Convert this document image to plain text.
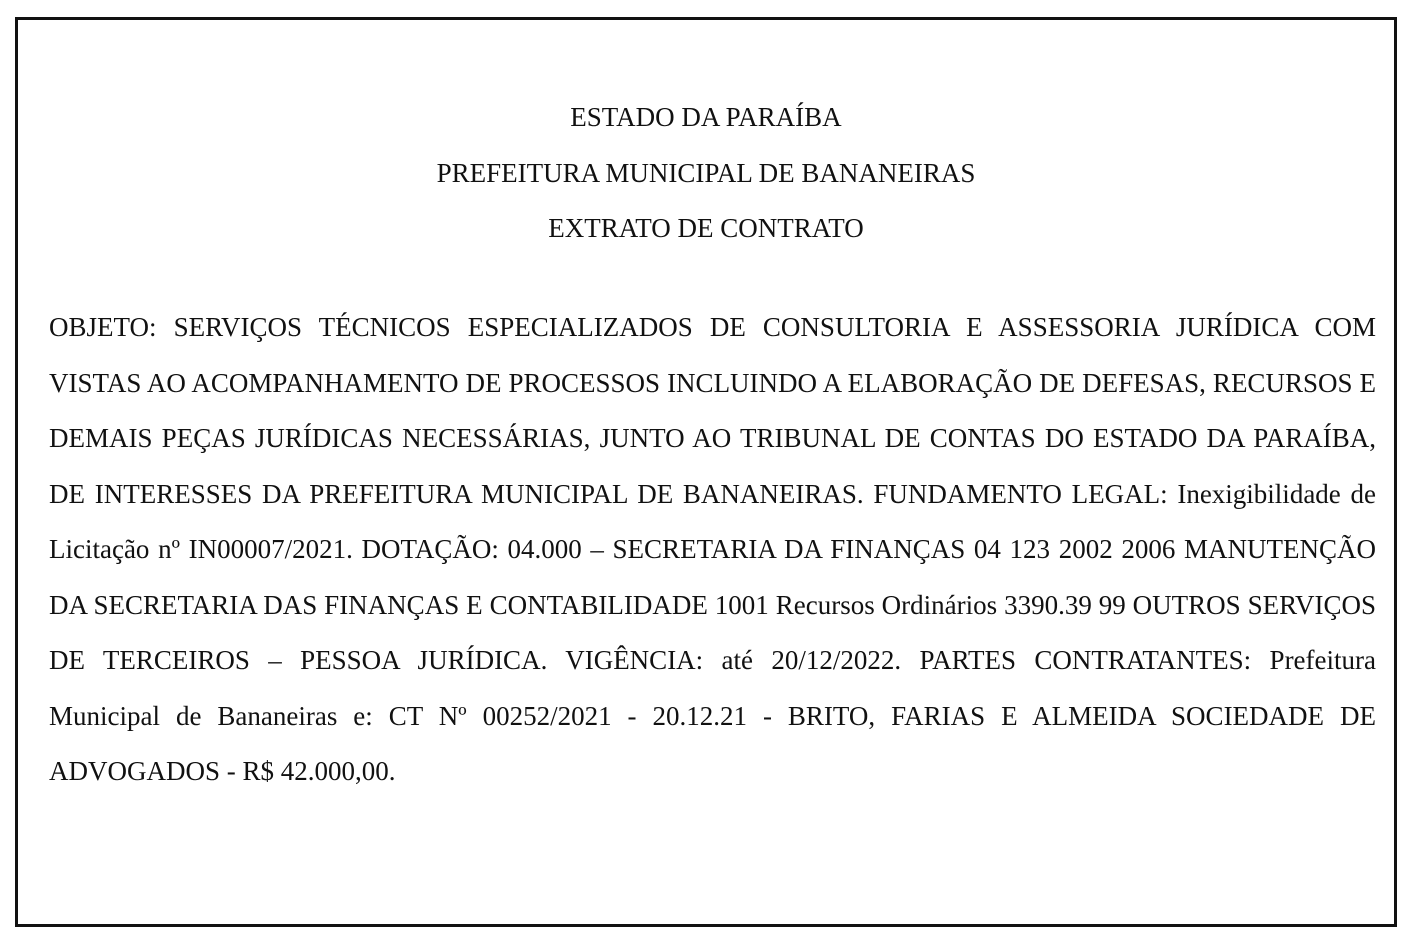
ESTADO DA PARAÍBA
PREFEITURA MUNICIPAL DE BANANEIRAS
EXTRATO DE CONTRATO

OBJETO: SERVIÇOS TÉCNICOS ESPECIALIZADOS DE CONSULTORIA E ASSESSORIA JURÍDICA COM VISTAS AO ACOMPANHAMENTO DE PROCESSOS INCLUINDO A ELABORAÇÃO DE DEFESAS, RECURSOS E DEMAIS PEÇAS JURÍDICAS NECESSÁRIAS, JUNTO AO TRIBUNAL DE CONTAS DO ESTADO DA PARAÍBA, DE INTERESSES DA PREFEITURA MUNICIPAL DE BANANEIRAS. FUNDAMENTO LEGAL: Inexigibilidade de Licitação nº IN00007/2021. DOTAÇÃO: 04.000 – SECRETARIA DA FINANÇAS 04 123 2002 2006 MANUTENÇÃO DA SECRETARIA DAS FINANÇAS E CONTABILIDADE 1001 Recursos Ordinários 3390.39 99 OUTROS SERVIÇOS DE TERCEIROS – PESSOA JURÍDICA. VIGÊNCIA: até 20/12/2022. PARTES CONTRATANTES: Prefeitura Municipal de Bananeiras e: CT Nº 00252/2021 - 20.12.21 - BRITO, FARIAS E ALMEIDA SOCIEDADE DE ADVOGADOS - R$ 42.000,00.
